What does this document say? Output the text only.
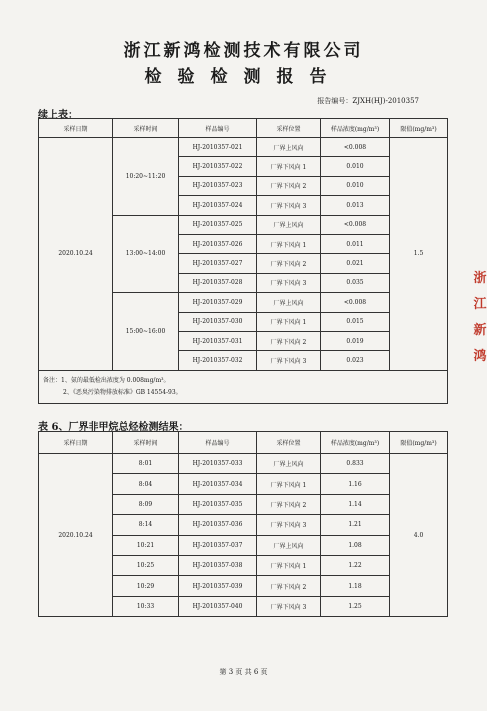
浙江新鸿检测技术有限公司
检验检测报告
报告编号：ZJXH(HJ)-2010357
续上表：
采样日期	采样时间	样品编号	采样位置	样品浓度(mg/m³)	限值(mg/m³)
2020.10.24	10:20~11:20	HJ-2010357-021	厂界上风向	<0.008	1.5
		HJ-2010357-022	厂界下风向 1	0.010	
		HJ-2010357-023	厂界下风向 2	0.010	
		HJ-2010357-024	厂界下风向 3	0.013	
	13:00~14:00	HJ-2010357-025	厂界上风向	<0.008	
		HJ-2010357-026	厂界下风向 1	0.011	
		HJ-2010357-027	厂界下风向 2	0.021	
		HJ-2010357-028	厂界下风向 3	0.035	
	15:00~16:00	HJ-2010357-029	厂界上风向	<0.008	
		HJ-2010357-030	厂界下风向 1	0.015	
		HJ-2010357-031	厂界下风向 2	0.019	
		HJ-2010357-032	厂界下风向 3	0.023	

备注：1、氨的最低检出浓度为 0.008mg/m³。
2、《恶臭污染物排放标准》GB 14554-93。					
表 6、厂界非甲烷总烃检测结果：
采样日期	采样时间	样品编号	采样位置	样品浓度(mg/m³)	限值(mg/m³)
2020.10.24	8:01	HJ-2010357-033	厂界上风向	0.833	4.0
	8:04	HJ-2010357-034	厂界下风向 1	1.16	
	8:09	HJ-2010357-035	厂界下风向 2	1.14	
	8:14	HJ-2010357-036	厂界下风向 3	1.21	
	10:21	HJ-2010357-037	厂界上风向	1.08	
	10:25	HJ-2010357-038	厂界下风向 1	1.22	
	10:29	HJ-2010357-039	厂界下风向 2	1.18	
	10:33	HJ-2010357-040	厂界下风向 3	1.25	
第 3 页 共 6 页
浙
江
新
鸿
